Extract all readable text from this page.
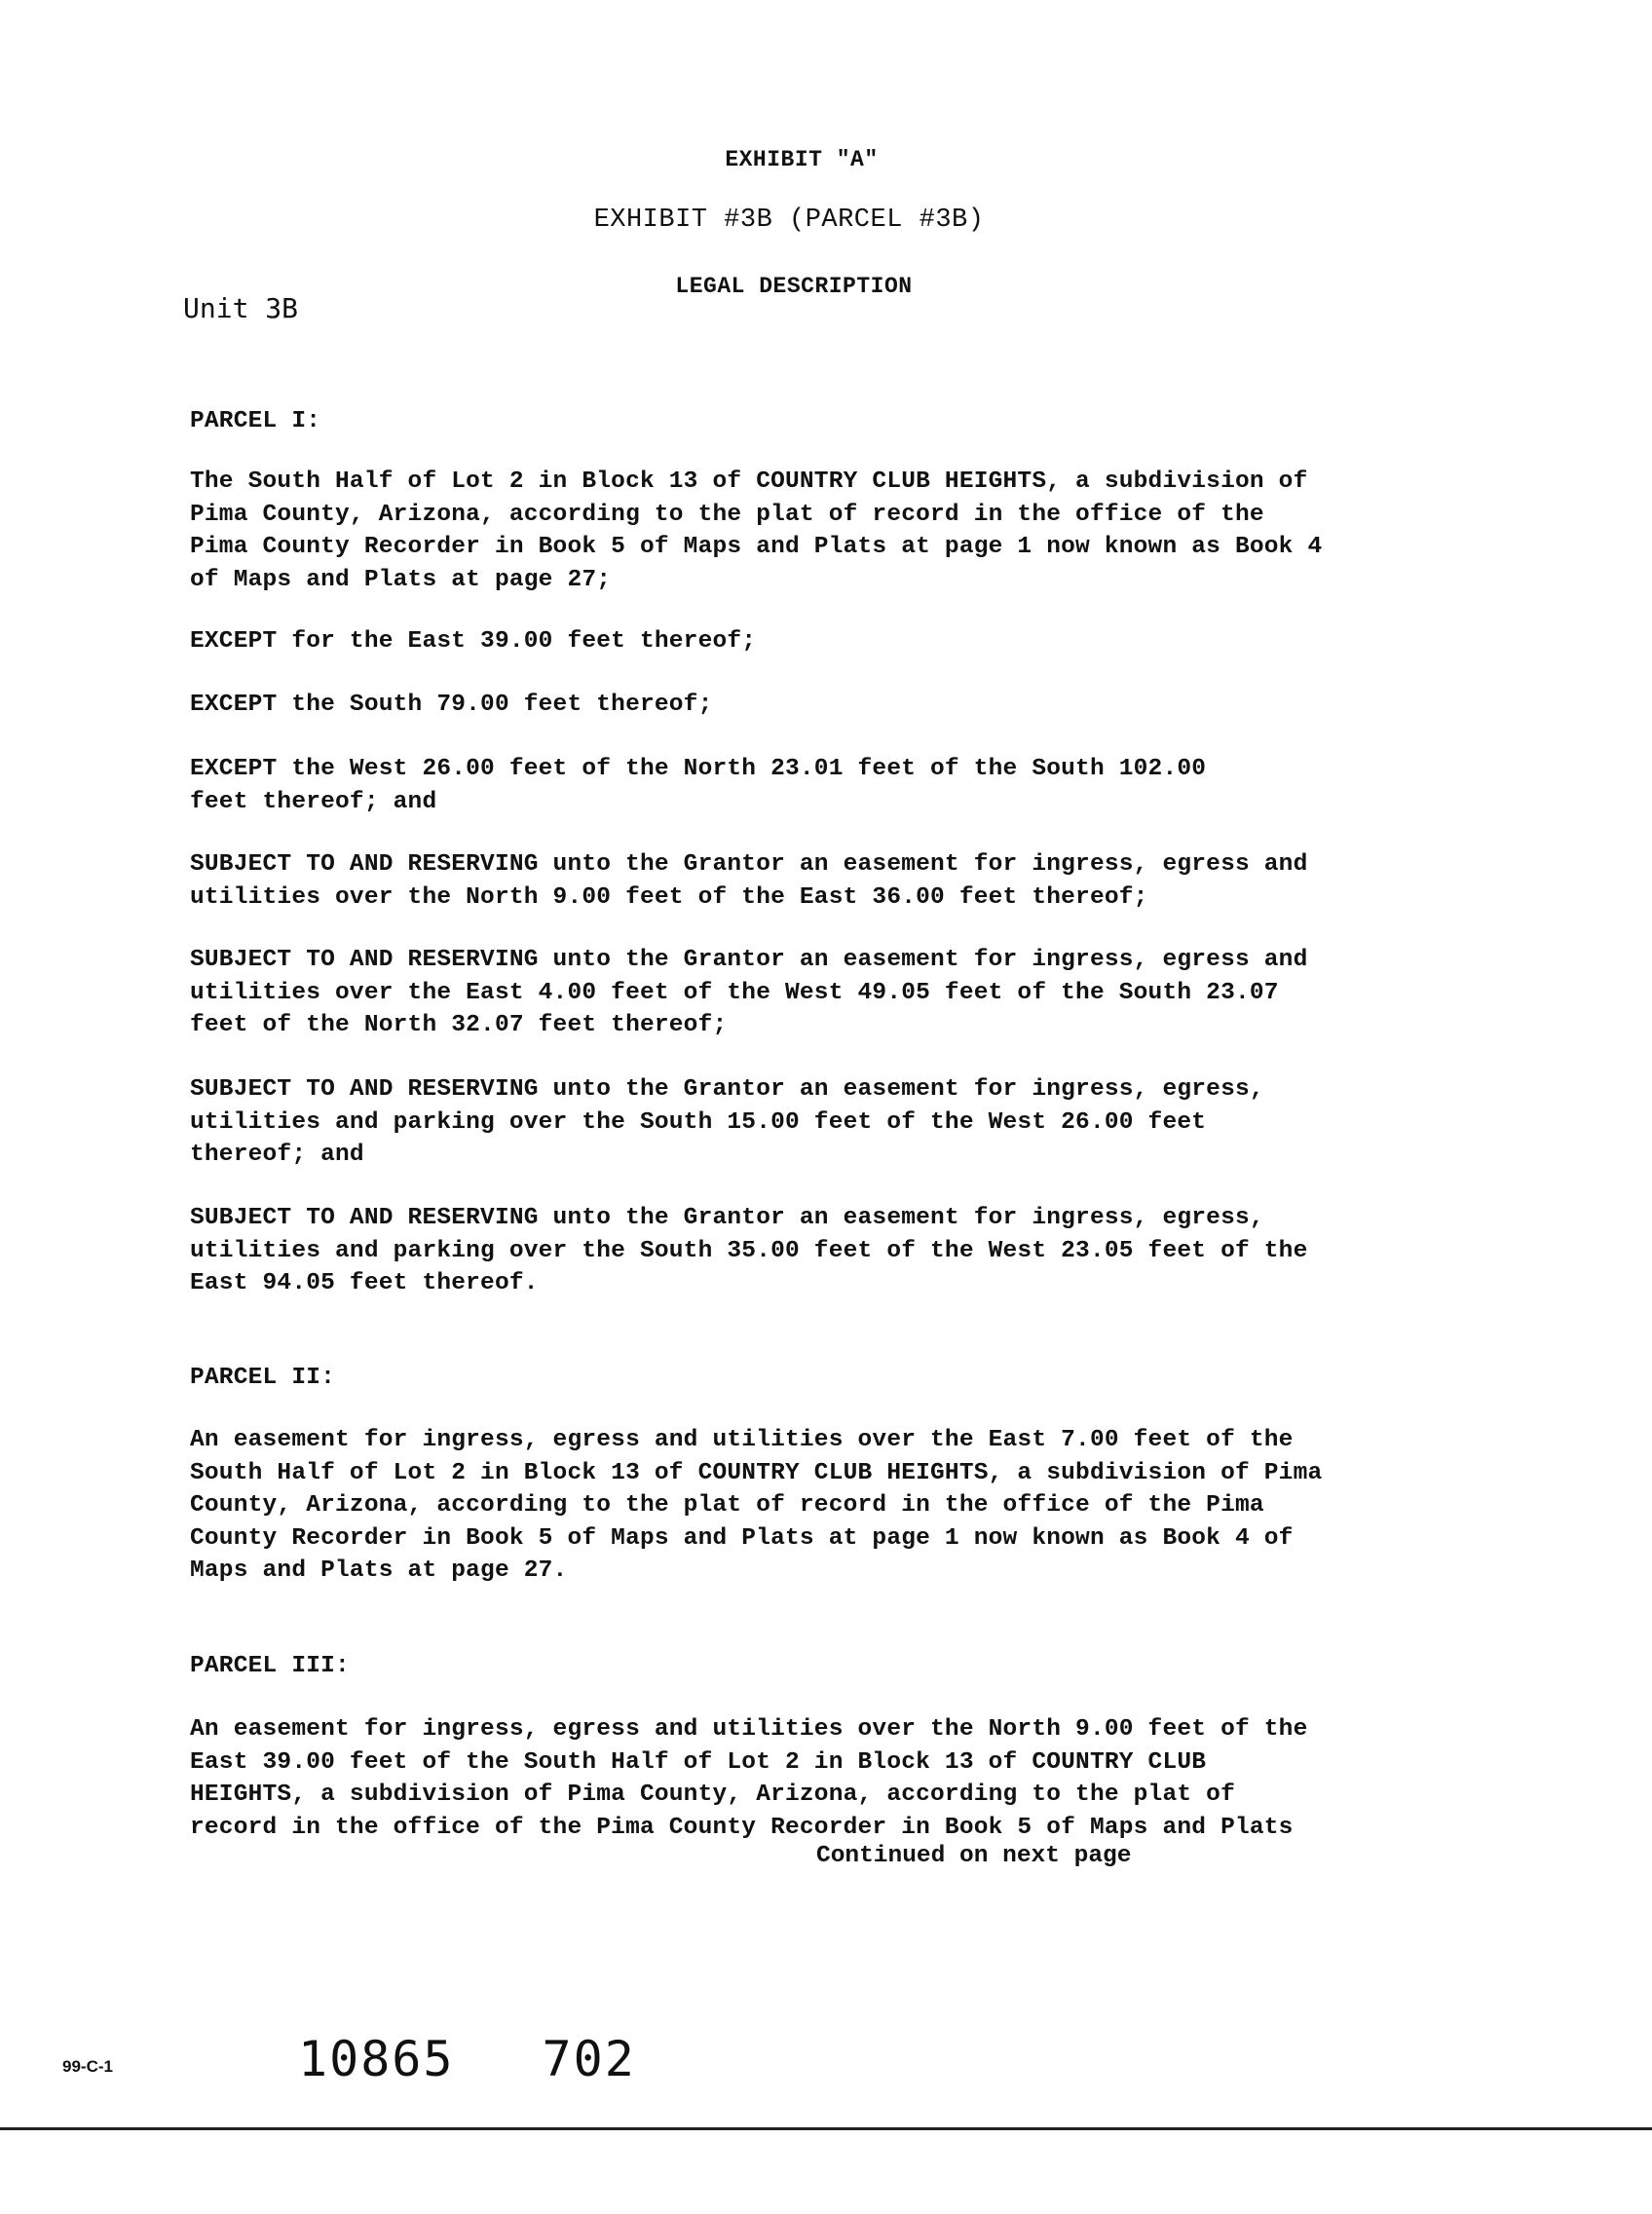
EXHIBIT "A"
EXHIBIT #3B (PARCEL #3B)
LEGAL DESCRIPTION
Unit 3B
PARCEL I:
The South Half of Lot 2 in Block 13 of COUNTRY CLUB HEIGHTS, a subdivision of
Pima County, Arizona, according to the plat of record in the office of the
Pima County Recorder in Book 5 of Maps and Plats at page 1 now known as Book 4
of Maps and Plats at page 27;
EXCEPT for the East 39.00 feet thereof;
EXCEPT the South 79.00 feet thereof;
EXCEPT the West 26.00 feet of the North 23.01 feet of the South 102.00
feet thereof; and
SUBJECT TO AND RESERVING unto the Grantor an easement for ingress, egress and
utilities over the North 9.00 feet of the East 36.00 feet thereof;
SUBJECT TO AND RESERVING unto the Grantor an easement for ingress, egress and
utilities over the East 4.00 feet of the West 49.05 feet of the South 23.07
feet of the North 32.07 feet thereof;
SUBJECT TO AND RESERVING unto the Grantor an easement for ingress, egress,
utilities and parking over the South 15.00 feet of the West 26.00 feet
thereof; and
SUBJECT TO AND RESERVING unto the Grantor an easement for ingress, egress,
utilities and parking over the South 35.00 feet of the West 23.05 feet of the
East 94.05 feet thereof.
PARCEL II:
An easement for ingress, egress and utilities over the East 7.00 feet of the
South Half of Lot 2 in Block 13 of COUNTRY CLUB HEIGHTS, a subdivision of Pima
County, Arizona, according to the plat of record in the office of the Pima
County Recorder in Book 5 of Maps and Plats at page 1 now known as Book 4 of
Maps and Plats at page 27.
PARCEL III:
An easement for ingress, egress and utilities over the North 9.00 feet of the
East 39.00 feet of the South Half of Lot 2 in Block 13 of COUNTRY CLUB
HEIGHTS, a subdivision of Pima County, Arizona, according to the plat of
record in the office of the Pima County Recorder in Book 5 of Maps and Plats
Continued on next page
99-C-1	10865 702
